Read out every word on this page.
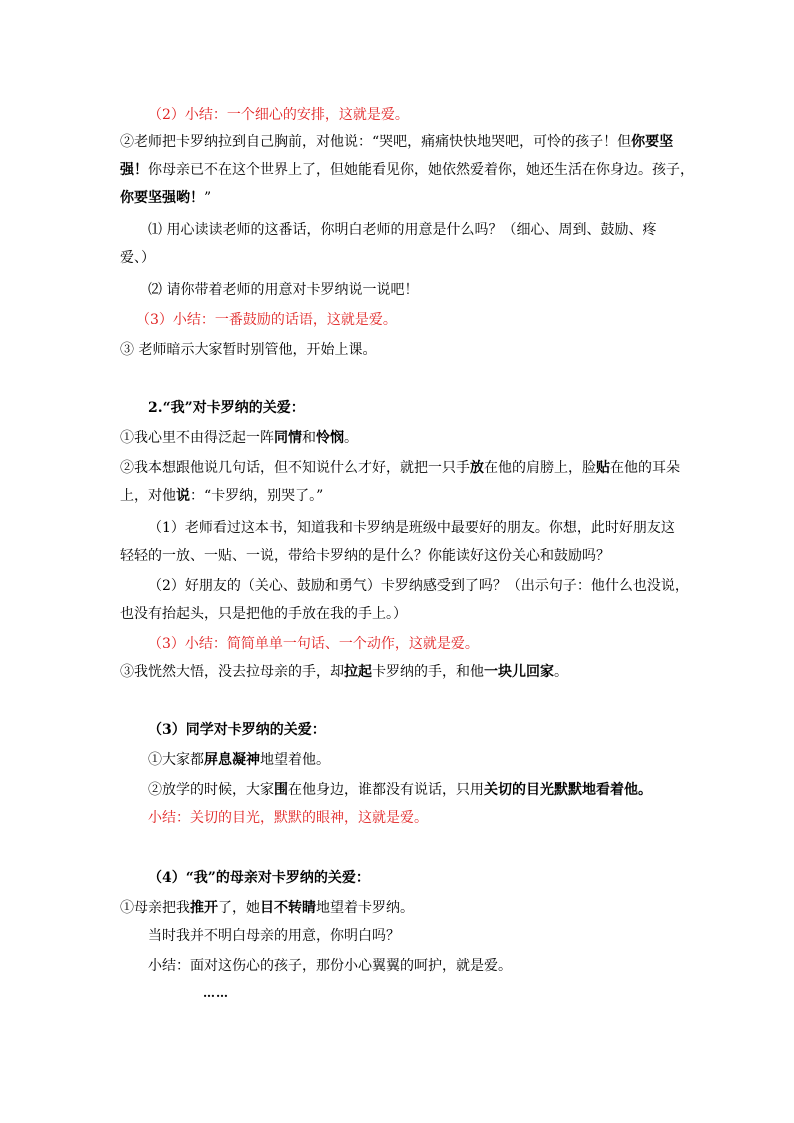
（2）小结：一个细心的安排，这就是爱。
②老师把卡罗纳拉到自己胸前，对他说：“哭吧，痛痛快快地哭吧，可怜的孩子！但你要坚
强！你母亲已不在这个世界上了，但她能看见你，她依然爱着你，她还生活在你身边。孩子，
你要坚强哟！”
⑴ 用心读读老师的这番话，你明白老师的用意是什么吗？（细心、周到、鼓励、疼
爱、）
⑵ 请你带着老师的用意对卡罗纳说一说吧！
（3）小结：一番鼓励的话语，这就是爱。
③ 老师暗示大家暂时别管他，开始上课。
2.“我”对卡罗纳的关爱：
①我心里不由得泛起一阵同情和怜悯。
②我本想跟他说几句话，但不知说什么才好，就把一只手放在他的肩膀上，脸贴在他的耳朵
上，对他说：“卡罗纳，别哭了。”
（1）老师看过这本书，知道我和卡罗纳是班级中最要好的朋友。你想，此时好朋友这
轻轻的一放、一贴、一说，带给卡罗纳的是什么？你能读好这份关心和鼓励吗？
（2）好朋友的（关心、鼓励和勇气）卡罗纳感受到了吗？（出示句子：他什么也没说，
也没有抬起头，只是把他的手放在我的手上。）
（3）小结：简简单单一句话、一个动作，这就是爱。
③我恍然大悟，没去拉母亲的手，却拉起卡罗纳的手，和他一块儿回家。
（3）同学对卡罗纳的关爱：
①大家都屏息凝神地望着他。
②放学的时候，大家围在他身边，谁都没有说话，只用关切的目光默默地看着他。
小结：关切的目光，默默的眼神，这就是爱。
（4）“我”的母亲对卡罗纳的关爱：
①母亲把我推开了，她目不转睛地望着卡罗纳。
当时我并不明白母亲的用意，你明白吗？
小结：面对这伤心的孩子，那份小心翼翼的呵护，就是爱。
……
